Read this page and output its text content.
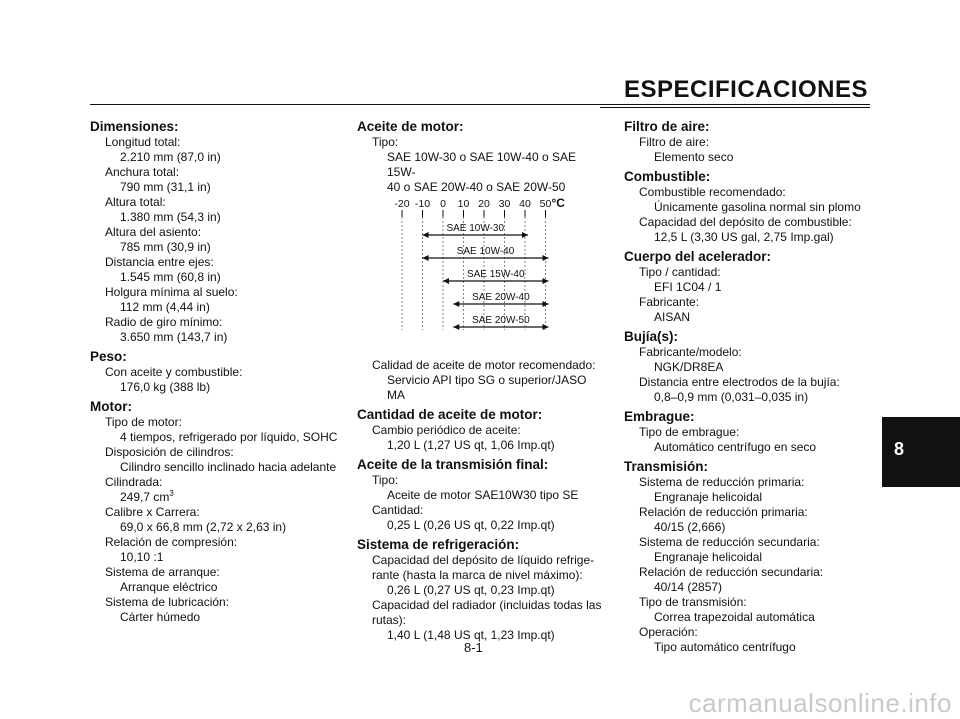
ESPECIFICACIONES
Dimensiones:
Longitud total:
2.210 mm (87,0 in)
Anchura total:
790 mm (31,1 in)
Altura total:
1.380 mm (54,3 in)
Altura del asiento:
785 mm (30,9 in)
Distancia entre ejes:
1.545 mm (60,8 in)
Holgura mínima al suelo:
112 mm (4,44 in)
Radio de giro mínimo:
3.650 mm (143,7 in)
Peso:
Con aceite y combustible:
176,0 kg (388 lb)
Motor:
Tipo de motor:
4 tiempos, refrigerado por líquido, SOHC
Disposición de cilindros:
Cilindro sencillo inclinado hacia adelante
Cilindrada:
249,7 $cm^3$
Calibre x Carrera:
69,0 x 66,8 mm (2,72 x 2,63 in)
Relación de compresión:
10,10 :1
Sistema de arranque:
Arranque eléctrico
Sistema de lubricación:
Cárter húmedo
Aceite de motor:
Tipo:
SAE 10W-30 o SAE 10W-40 o SAE 15W-
40 o SAE 20W-40 o SAE 20W-50
-20 -10 0 10 20 30 40 50 °C
SAE 10W-30
SAE 10W-40
SAE 15W-40
SAE 20W-40
SAE 20W-50
Calidad de aceite de motor recomendado:
Servicio API tipo SG o superior/JASO MA
Cantidad de aceite de motor:
Cambio periódico de aceite:
1,20 L (1,27 US qt, 1,06 Imp.qt)
Aceite de la transmisión final:
Tipo:
Aceite de motor SAE10W30 tipo SE
Cantidad:
0,25 L (0,26 US qt, 0,22 Imp.qt)
Sistema de refrigeración:
Capacidad del depósito de líquido refrige-
rante (hasta la marca de nivel máximo):
0,26 L (0,27 US qt, 0,23 Imp.qt)
Capacidad del radiador (incluidas todas las
rutas):
1,40 L (1,48 US qt, 1,23 Imp.qt)
Filtro de aire:
Filtro de aire:
Elemento seco
Combustible:
Combustible recomendado:
Únicamente gasolina normal sin plomo
Capacidad del depósito de combustible:
12,5 L (3,30 US gal, 2,75 Imp.gal)
Cuerpo del acelerador:
Tipo / cantidad:
EFI 1C04 / 1
Fabricante:
AISAN
Bujía(s):
Fabricante/modelo:
NGK/DR8EA
Distancia entre electrodos de la bujía:
0,8–0,9 mm (0,031–0,035 in)
Embrague:
Tipo de embrague:
Automático centrífugo en seco
Transmisión:
Sistema de reducción primaria:
Engranaje helicoidal
Relación de reducción primaria:
40/15 (2,666)
Sistema de reducción secundaria:
Engranaje helicoidal
Relación de reducción secundaria:
40/14 (2857)
Tipo de transmisión:
Correa trapezoidal automática
Operación:
Tipo automático centrífugo
8
8-1
carmanualsonline.info
